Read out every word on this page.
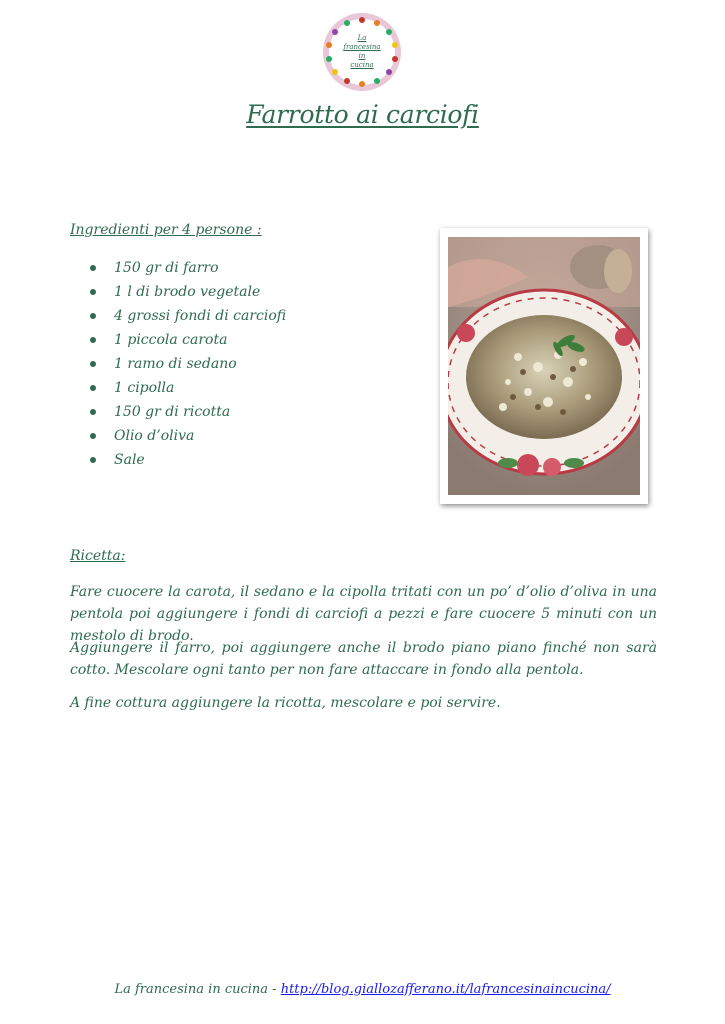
La
francesina
in
cucina
Farrotto ai carciofi
Ingredienti per 4 persone :
150 gr di farro
1 l di brodo vegetale
4 grossi fondi di carciofi
1 piccola carota
1 ramo di sedano
1 cipolla
150 gr di ricotta
Olio d’oliva
Sale
Ricetta:

Fare cuocere la carota, il sedano e la cipolla tritati con un po’ d’olio d’oliva in una pentola poi aggiungere i fondi di carciofi a pezzi e fare cuocere 5 minuti con un mestolo di brodo.

Aggiungere il farro, poi aggiungere anche il brodo piano piano finché non sarà cotto. Mescolare ogni tanto per non fare attaccare in fondo alla pentola.

A fine cottura aggiungere la ricotta, mescolare e poi servire.

La francesina in cucina - http://blog.giallozafferano.it/lafrancesinaincucina/
